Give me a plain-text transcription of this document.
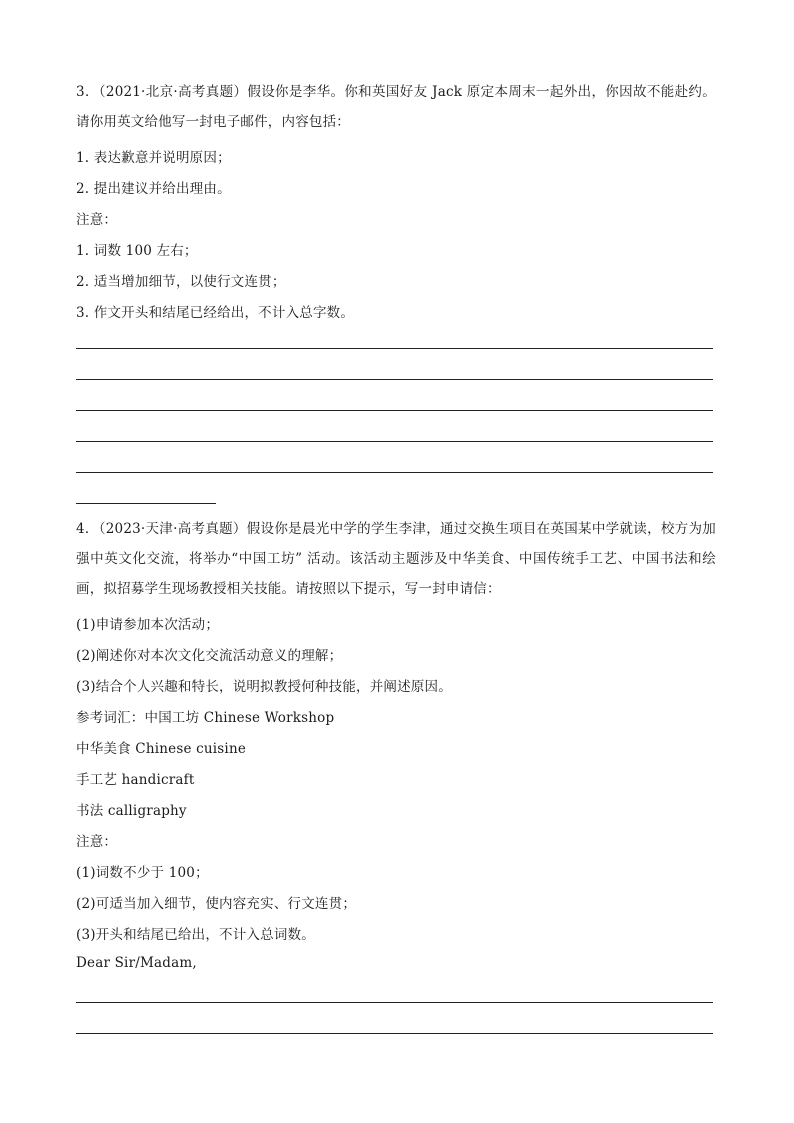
3．（2021·北京·高考真题）假设你是李华。你和英国好友 Jack 原定本周末一起外出，你因故不能赴约。请你用英文给他写一封电子邮件，内容包括：
1. 表达歉意并说明原因；
2. 提出建议并给出理由。
注意：
1. 词数 100 左右；
2. 适当增加细节，以使行文连贯；
3. 作文开头和结尾已经给出，不计入总字数。
4．（2023·天津·高考真题）假设你是晨光中学的学生李津，通过交换生项目在英国某中学就读，校方为加强中英文化交流，将举办“中国工坊” 活动。该活动主题涉及中华美食、中国传统手工艺、中国书法和绘画，拟招募学生现场教授相关技能。请按照以下提示，写一封申请信：
(1)申请参加本次活动；
(2)阐述你对本次文化交流活动意义的理解；
(3)结合个人兴趣和特长，说明拟教授何种技能，并阐述原因。
参考词汇：中国工坊 Chinese Workshop
中华美食 Chinese cuisine
手工艺 handicraft
书法 calligraphy
注意：
(1)词数不少于 100；
(2)可适当加入细节，使内容充实、行文连贯；
(3)开头和结尾已给出，不计入总词数。
Dear Sir/Madam,
